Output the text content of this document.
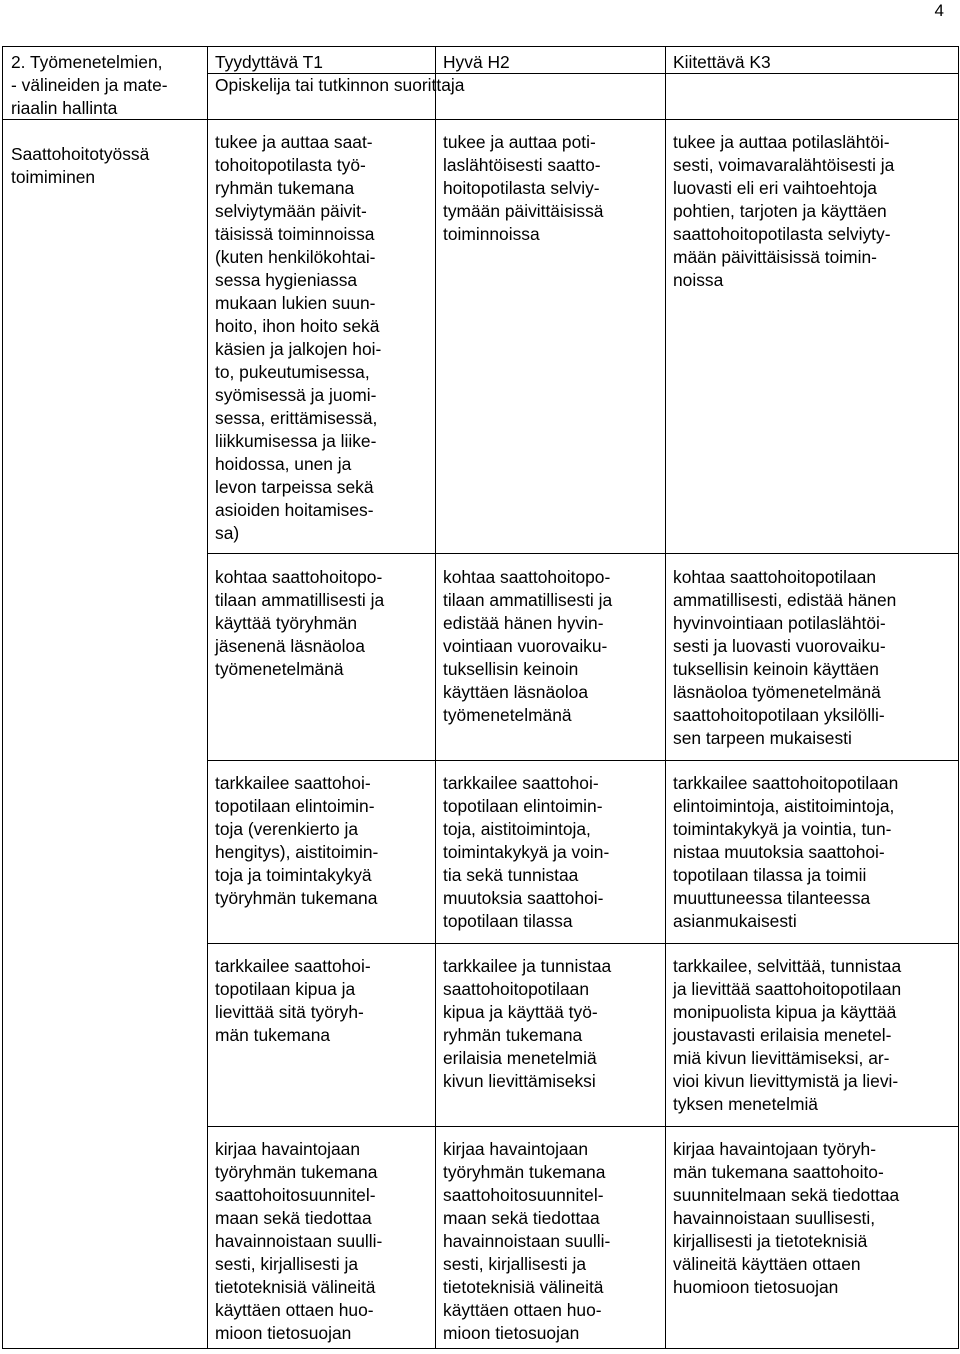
4
2. Työmenetelmien,
- välineiden ja mate-
riaalin hallinta
Tyydyttävä T1	Hyvä H2	Kiitettävä K3
Opiskelija tai tutkinnon suorittaja
Saattohoitotyössä
toimiminen
tukee ja auttaa saat-
tohoitopotilasta työ-
ryhmän tukemana
selviytymään päivit-
täisissä toiminnoissa
(kuten henkilökohtai-
sessa hygieniassa
mukaan lukien suun-
hoito, ihon hoito sekä
käsien ja jalkojen hoi-
to, pukeutumisessa,
syömisessä ja juomi-
sessa, erittämisessä,
liikkumisessa ja liike-
hoidossa, unen ja
levon tarpeissa sekä
asioiden hoitamises-
sa)
tukee ja auttaa poti-
laslähtöisesti saatto-
hoitopotilasta selviy-
tymään päivittäisissä
toiminnoissa
tukee ja auttaa potilaslähtöi-
sesti, voimavaralähtöisesti ja
luovasti eli eri vaihtoehtoja
pohtien, tarjoten ja käyttäen
saattohoitopotilasta selviyty-
mään päivittäisissä toimin-
noissa
kohtaa saattohoitopo-
tilaan ammatillisesti ja
käyttää työryhmän
jäsenenä läsnäoloa
työmenetelmänä
kohtaa saattohoitopo-
tilaan ammatillisesti ja
edistää hänen hyvin-
vointiaan vuorovaiku-
tuksellisin keinoin
käyttäen läsnäoloa
työmenetelmänä
kohtaa saattohoitopotilaan
ammatillisesti, edistää hänen
hyvinvointiaan potilaslähtöi-
sesti ja luovasti vuorovaiku-
tuksellisin keinoin käyttäen
läsnäoloa työmenetelmänä
saattohoitopotilaan yksilölli-
sen tarpeen mukaisesti
tarkkailee saattohoi-
topotilaan elintoimin-
toja (verenkierto ja
hengitys), aistitoimin-
toja ja toimintakykyä
työryhmän tukemana
tarkkailee saattohoi-
topotilaan elintoimin-
toja, aistitoimintoja,
toimintakykyä ja voin-
tia sekä tunnistaa
muutoksia saattohoi-
topotilaan tilassa
tarkkailee saattohoitopotilaan
elintoimintoja, aistitoimintoja,
toimintakykyä ja vointia, tun-
nistaa muutoksia saattohoi-
topotilaan tilassa ja toimii
muuttuneessa tilanteessa
asianmukaisesti
tarkkailee saattohoi-
topotilaan kipua ja
lievittää sitä työryh-
män tukemana
tarkkailee ja tunnistaa
saattohoitopotilaan
kipua ja käyttää työ-
ryhmän tukemana
erilaisia menetelmiä
kivun lievittämiseksi
tarkkailee, selvittää, tunnistaa
ja lievittää saattohoitopotilaan
monipuolista kipua ja käyttää
joustavasti erilaisia menetel-
miä kivun lievittämiseksi, ar-
vioi kivun lievittymistä ja lievi-
tyksen menetelmiä
kirjaa havaintojaan
työryhmän tukemana
saattohoitosuunnitel-
maan sekä tiedottaa
havainnoistaan suulli-
sesti, kirjallisesti ja
tietoteknisiä välineitä
käyttäen ottaen huo-
mioon tietosuojan
kirjaa havaintojaan
työryhmän tukemana
saattohoitosuunnitel-
maan sekä tiedottaa
havainnoistaan suulli-
sesti, kirjallisesti ja
tietoteknisiä välineitä
käyttäen ottaen huo-
mioon tietosuojan
kirjaa havaintojaan työryh-
män tukemana saattohoito-
suunnitelmaan sekä tiedottaa
havainnoistaan suullisesti,
kirjallisesti ja tietoteknisiä
välineitä käyttäen ottaen
huomioon tietosuojan
